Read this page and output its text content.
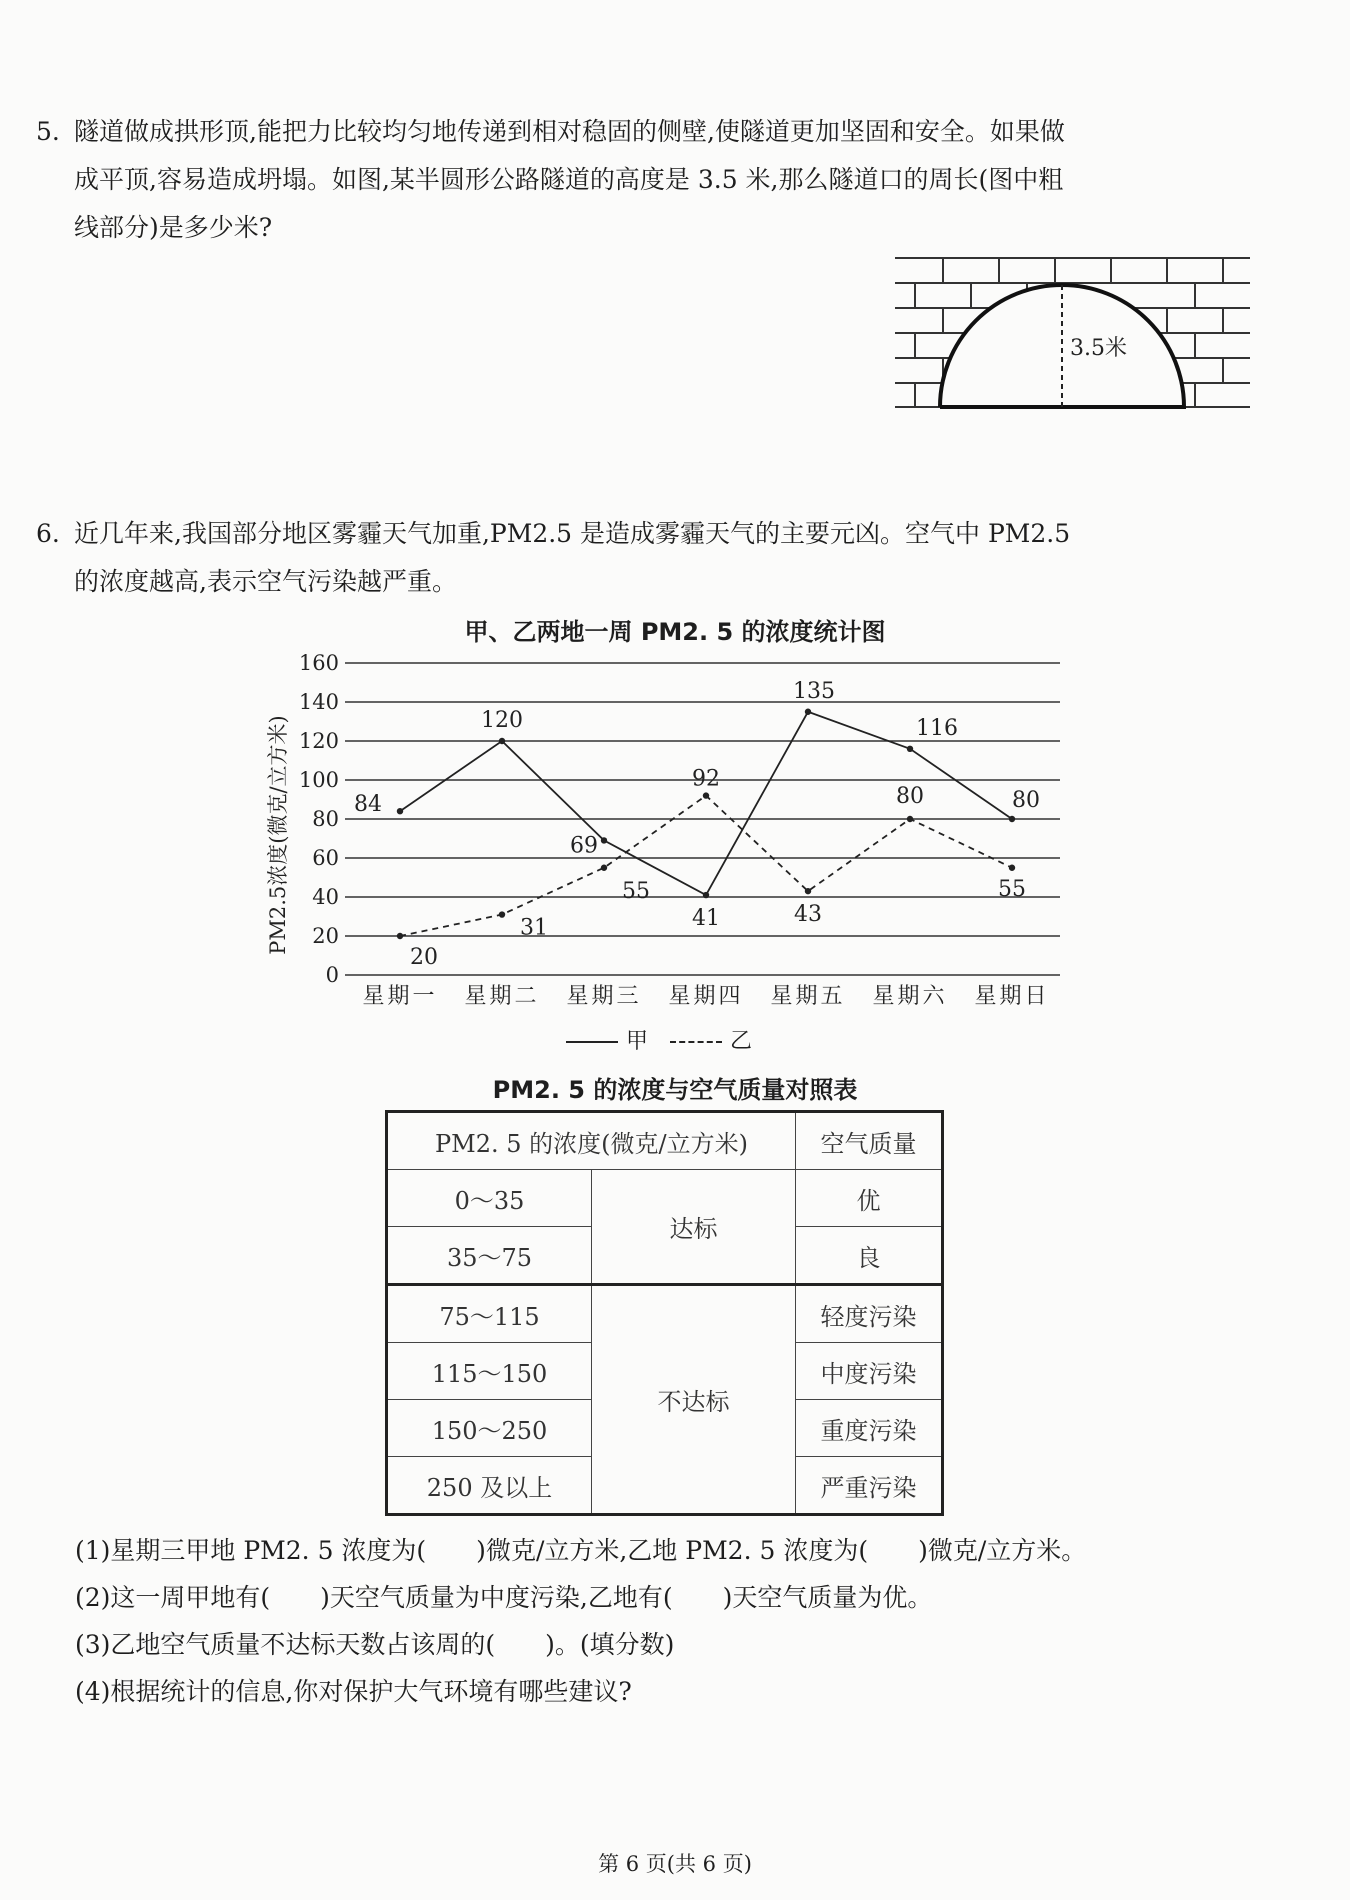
5. 隧道做成拱形顶,能把力比较均匀地传递到相对稳固的侧壁,使隧道更加坚固和安全。如果做
成平顶,容易造成坍塌。如图,某半圆形公路隧道的高度是 3.5 米,那么隧道口的周长(图中粗
线部分)是多少米?
3.5米
6. 近几年来,我国部分地区雾霾天气加重,PM2.5 是造成雾霾天气的主要元凶。空气中 PM2.5
的浓度越高,表示空气污染越严重。
甲、乙两地一周 PM2. 5 的浓度统计图
0
20
40
60
80
100
120
140
160
PM2.5浓度(微克/立方米)
星期一 星期二 星期三 星期四 星期五 星期六 星期日
84
120
69
41
135
116
80
20
31
55
92
43
80
55
甲	乙
PM2. 5 的浓度与空气质量对照表
PM2. 5 的浓度(微克/立方米)		空气质量
0～35	达标	优
35～75		良
75～115	不达标	轻度污染
115～150		中度污染
150～250		重度污染
250 及以上		严重污染
(1)星期三甲地 PM2. 5 浓度为(　　)微克/立方米,乙地 PM2. 5 浓度为(　　)微克/立方米。
(2)这一周甲地有(　　)天空气质量为中度污染,乙地有(　　)天空气质量为优。
(3)乙地空气质量不达标天数占该周的(　　)。(填分数)
(4)根据统计的信息,你对保护大气环境有哪些建议?
第 6 页(共 6 页)
